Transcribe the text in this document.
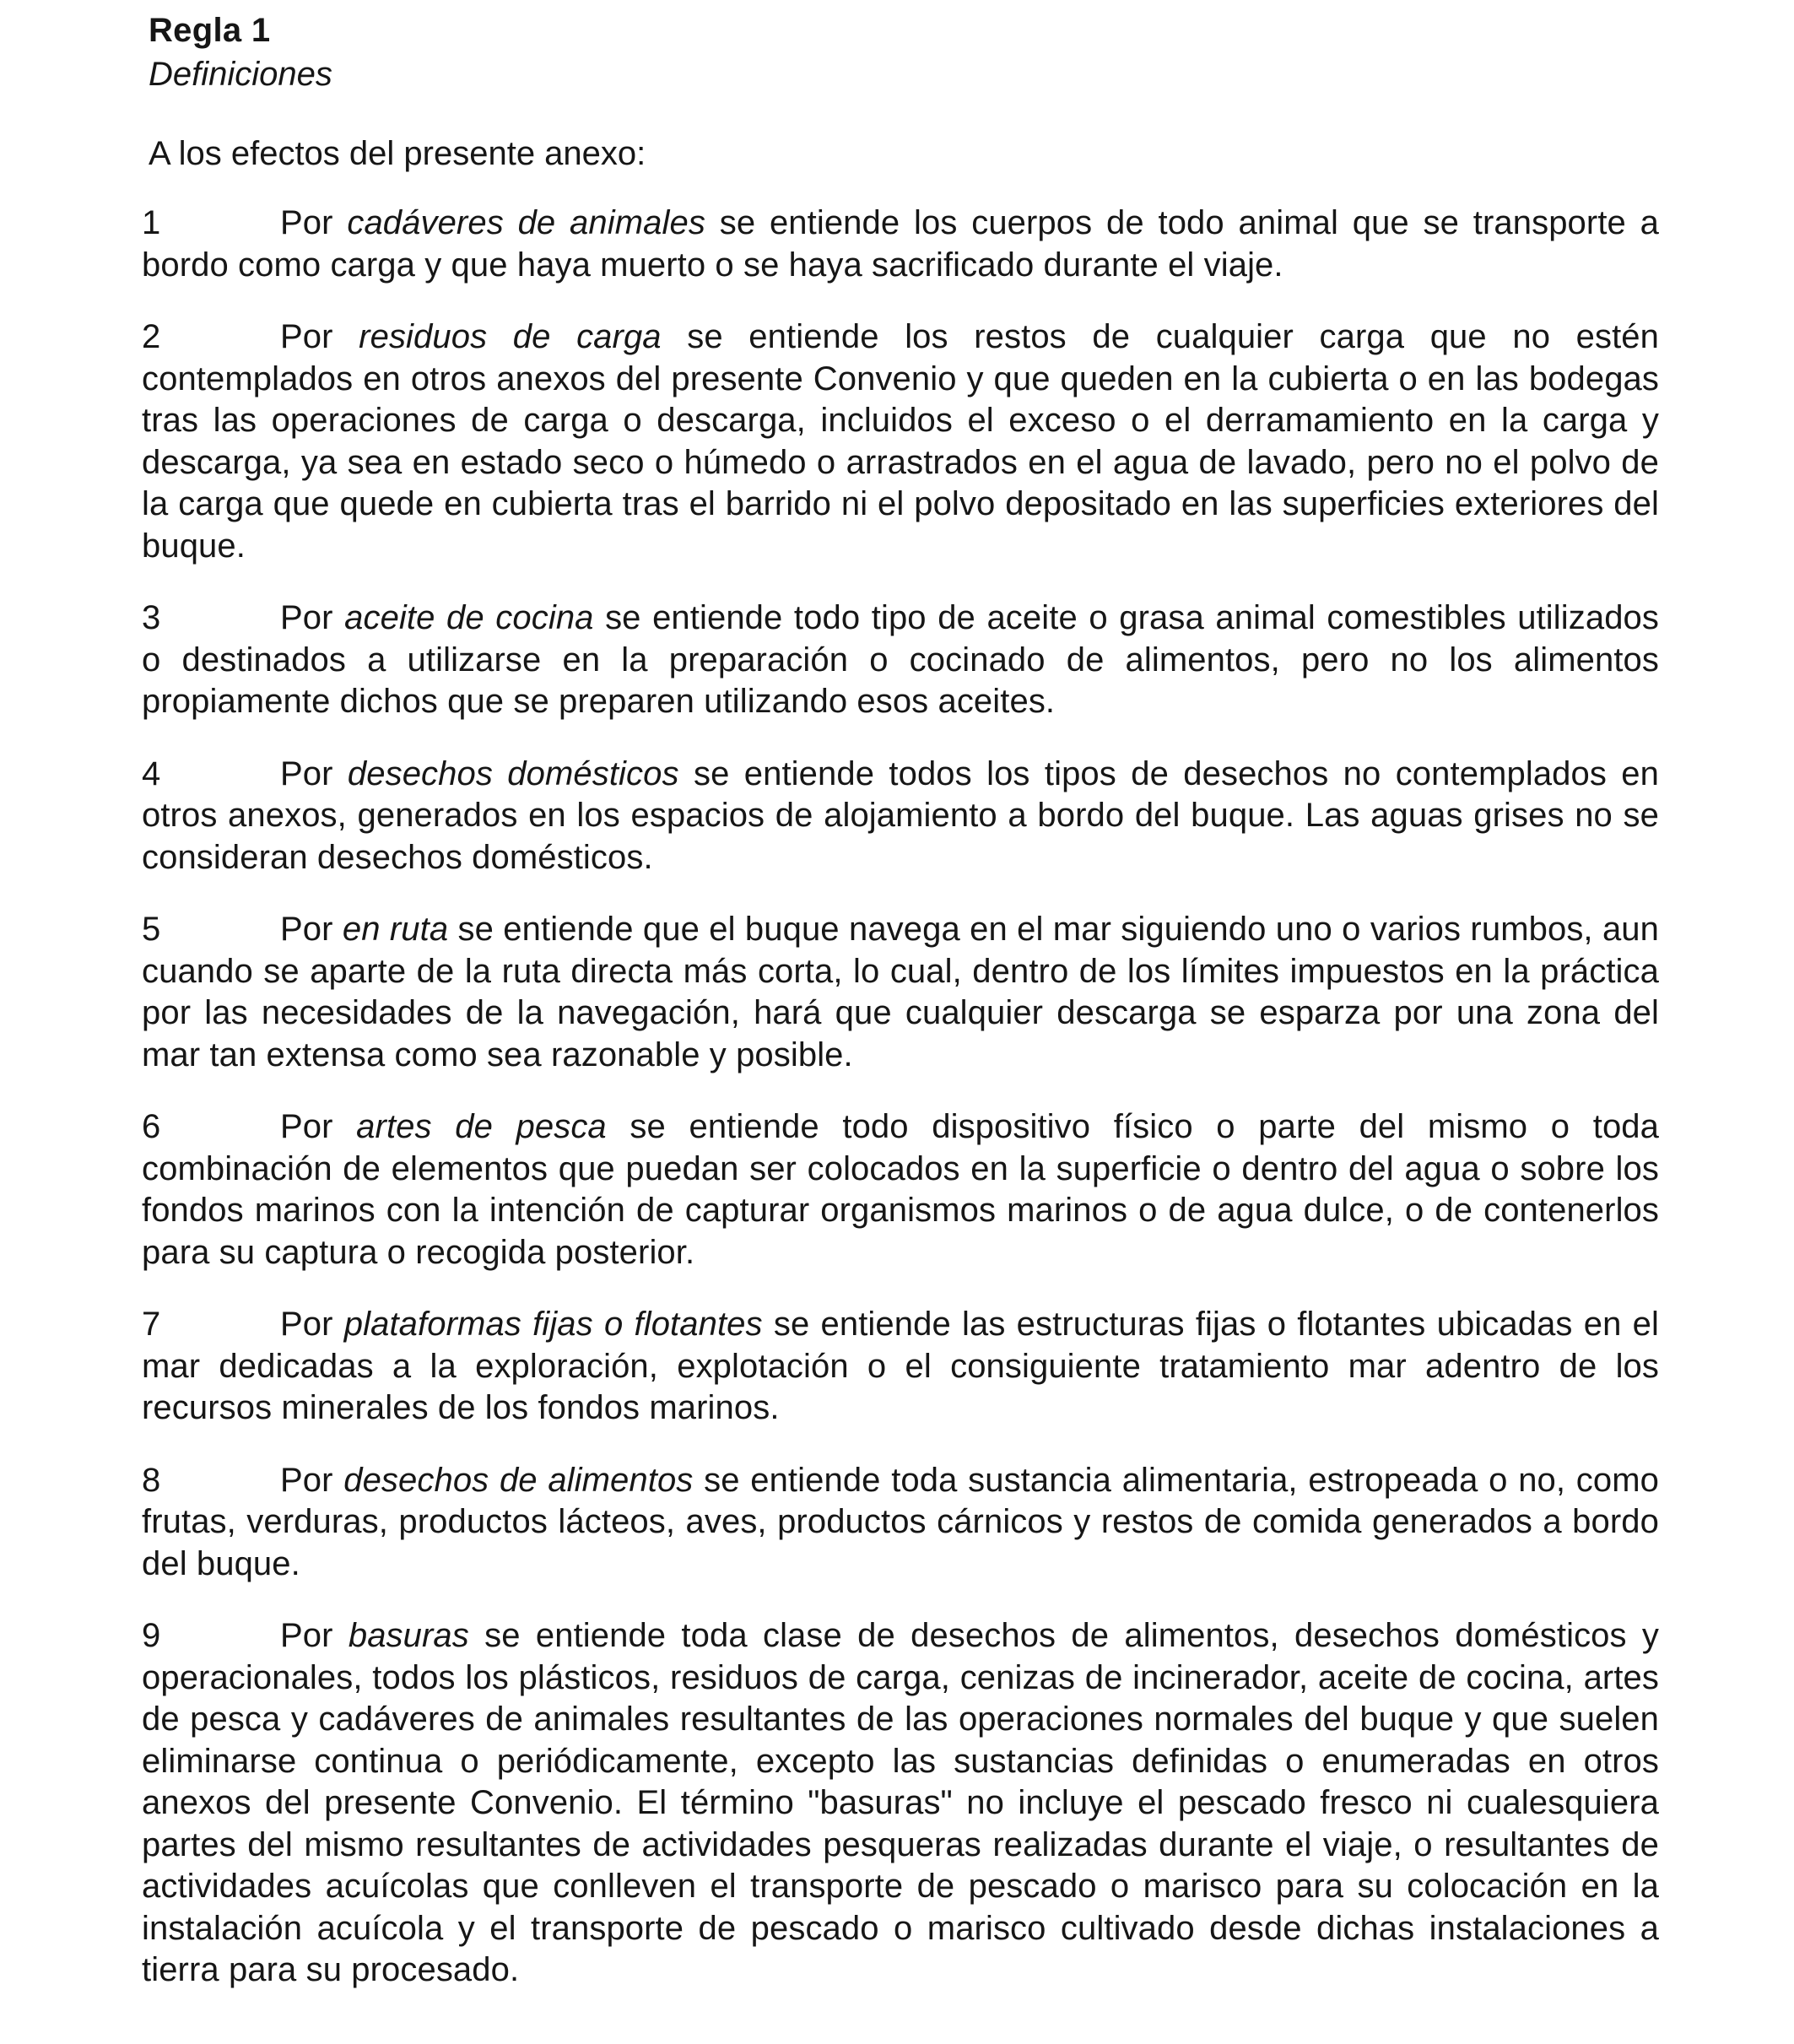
Regla 1
Definiciones
A los efectos del presente anexo:

1	Por cadáveres de animales se entiende los cuerpos de todo animal que se transporte a bordo como carga y que haya muerto o se haya sacrificado durante el viaje.

2	Por residuos de carga se entiende los restos de cualquier carga que no estén contemplados en otros anexos del presente Convenio y que queden en la cubierta o en las bodegas tras las operaciones de carga o descarga, incluidos el exceso o el derramamiento en la carga y descarga, ya sea en estado seco o húmedo o arrastrados en el agua de lavado, pero no el polvo de la carga que quede en cubierta tras el barrido ni el polvo depositado en las superficies exteriores del buque.

3	Por aceite de cocina se entiende todo tipo de aceite o grasa animal comestibles utilizados o destinados a utilizarse en la preparación o cocinado de alimentos, pero no los alimentos propiamente dichos que se preparen utilizando esos aceites.

4	Por desechos domésticos se entiende todos los tipos de desechos no contemplados en otros anexos, generados en los espacios de alojamiento a bordo del buque. Las aguas grises no se consideran desechos domésticos.

5	Por en ruta se entiende que el buque navega en el mar siguiendo uno o varios rumbos, aun cuando se aparte de la ruta directa más corta, lo cual, dentro de los límites impuestos en la práctica por las necesidades de la navegación, hará que cualquier descarga se esparza por una zona del mar tan extensa como sea razonable y posible.

6	Por artes de pesca se entiende todo dispositivo físico o parte del mismo o toda combinación de elementos que puedan ser colocados en la superficie o dentro del agua o sobre los fondos marinos con la intención de capturar organismos marinos o de agua dulce, o de contenerlos para su captura o recogida posterior.

7	Por plataformas fijas o flotantes se entiende las estructuras fijas o flotantes ubicadas en el mar dedicadas a la exploración, explotación o el consiguiente tratamiento mar adentro de los recursos minerales de los fondos marinos.

8	Por desechos de alimentos se entiende toda sustancia alimentaria, estropeada o no, como frutas, verduras, productos lácteos, aves, productos cárnicos y restos de comida generados a bordo del buque.

9	Por basuras se entiende toda clase de desechos de alimentos, desechos domésticos y operacionales, todos los plásticos, residuos de carga, cenizas de incinerador, aceite de cocina, artes de pesca y cadáveres de animales resultantes de las operaciones normales del buque y que suelen eliminarse continua o periódicamente, excepto las sustancias definidas o enumeradas en otros anexos del presente Convenio. El término "basuras" no incluye el pescado fresco ni cualesquiera partes del mismo resultantes de actividades pesqueras realizadas durante el viaje, o resultantes de actividades acuícolas que conlleven el transporte de pescado o marisco para su colocación en la instalación acuícola y el transporte de pescado o marisco cultivado desde dichas instalaciones a tierra para su procesado.
